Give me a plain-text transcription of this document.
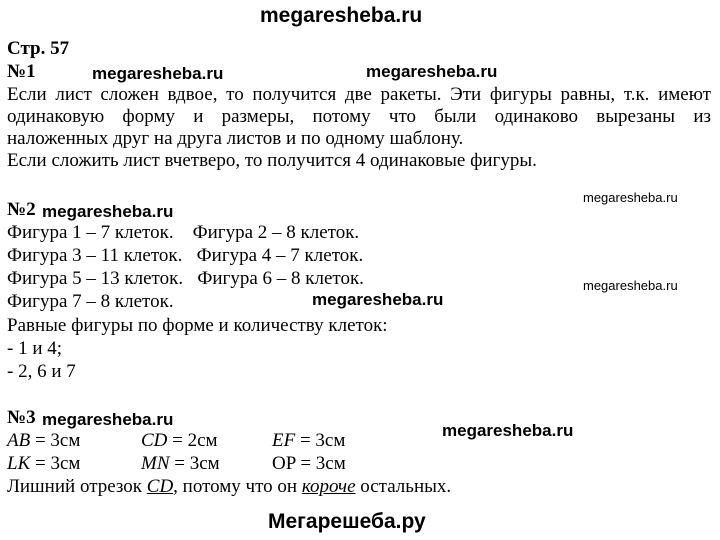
megaresheba.ru
megaresheba.ru	megaresheba.ru
megaresheba.ru
megaresheba.ru
megaresheba.ru
megaresheba.ru
megaresheba.ru
megaresheba.ru
Мегарешеба.ру
Стр. 57
№1
Если лист сложен вдвое, то получится две ракеты. Эти фигуры равны, т.к. имеют
одинаковую форму и размеры, потому что были одинаково вырезаны из
наложенных друг на друга листов и по одному шаблону.
Если сложить лист вчетверо, то получится 4 одинаковые фигуры.
№2
Фигура 1 – 7 клеток. Фигура 2 – 8 клеток.
Фигура 3 – 11 клеток. Фигура 4 – 7 клеток.
Фигура 5 – 13 клеток. Фигура 6 – 8 клеток.
Фигура 7 – 8 клеток.
Равные фигуры по форме и количеству клеток:
- 1 и 4;
- 2, 6 и 7
№3
AB = 3см	CD = 2см	EF = 3см
LK = 3см	MN = 3см	OP = 3см
Лишний отрезок CD, потому что он короче остальных.
